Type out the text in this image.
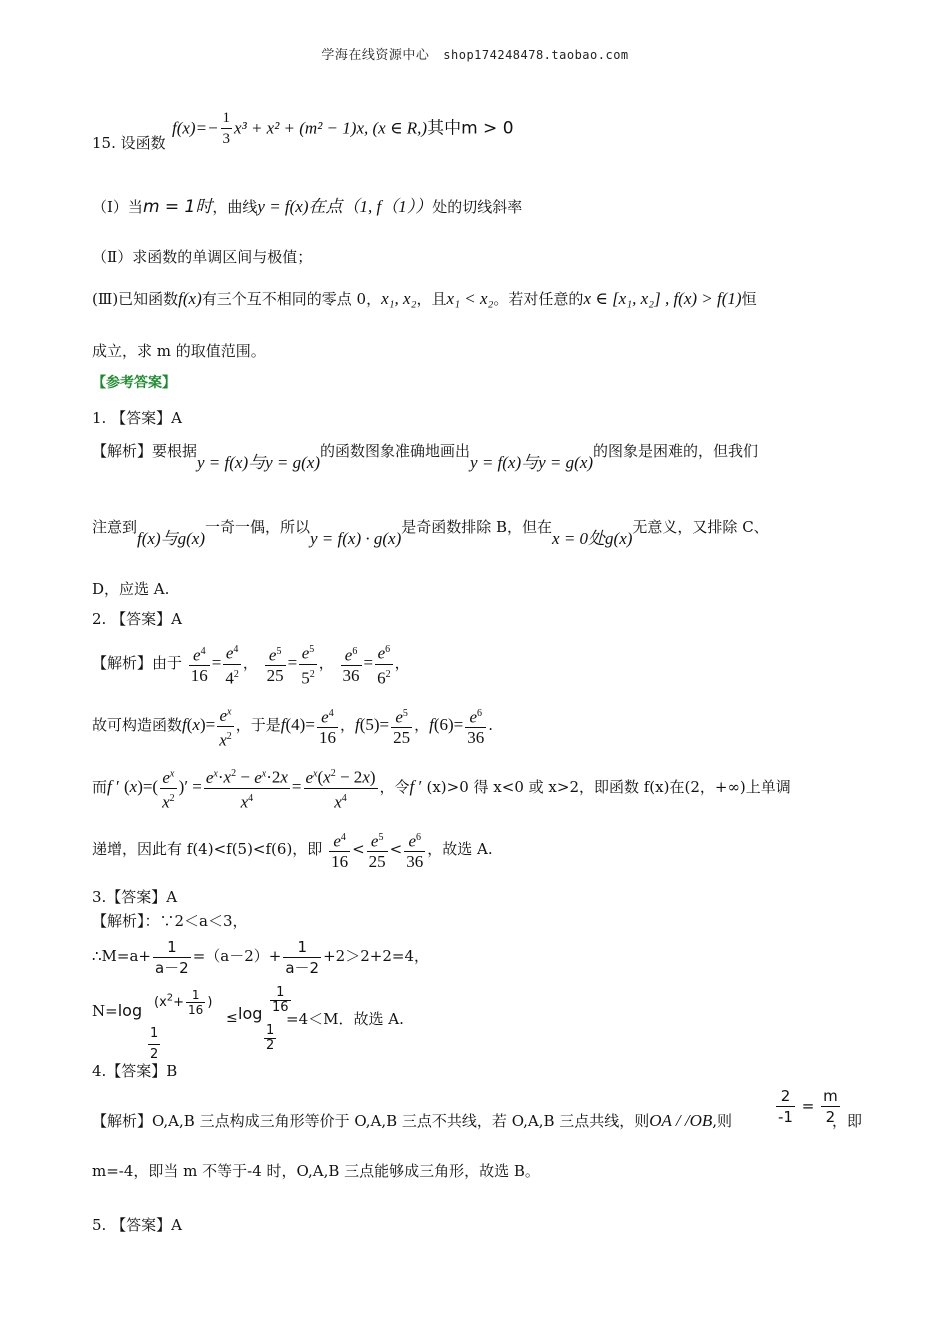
学海在线资源中心 shop174248478.taobao.com
15. 设函数
$f(x)=- \frac{1}{3} x^3 + x^2 + (m^2 - 1)x$, (x ∈ R,)其中m > 0
（Ⅰ）当m = 1时，曲线y = f(x)在点（1, f（1））处的切线斜率
（Ⅱ）求函数的单调区间与极值；
(Ⅲ)已知函数f(x)有三个互不相同的零点 0，x₁, x₂，且x₁ < x₂。若对任意的x ∈ [x₁, x₂] , f(x) > f(1)恒
成立，求 m 的取值范围。
【参考答案】
1. 【答案】A
【解析】要根据y = f(x)与y = g(x)的函数图象准确地画出y = f(x)与y = g(x)的图象是困难的，但我们
注意到f(x)与g(x)一奇一偶，所以y = f(x) · g(x)是奇函数排除 B，但在x = 0处g(x)无意义，又排除 C、
D，应选 A.
2. 【答案】A
【解析】由于 $\frac{e^4}{16} = \frac{e^4}{4^2}$ ， $\frac{e^5}{25} = \frac{e^5}{5^2}$ ， $\frac{e^6}{36} = \frac{e^6}{6^2}$ ，
故可构造函数$f(x)= \frac{e^x}{x^2}$ ，于是$f(4)= \frac{e^4}{16}$ ，$f(5)= \frac{e^5}{25}$ ，$f(6)= \frac{e^6}{36}$ .
而f ′ $(x)=( \frac{e^x}{x^2}$ )′ = $\frac{e^x\cdot x^2 - e^x\cdot 2x}{x^4} = \frac{e^x(x^2 - 2x)}{x^4}$ ，令f ′ (x)>0 得 x<0 或 x>2，即函数 f(x)在(2，+∞)上单调
递增，因此有 f(4)<f(5)<f(6)，即 $\frac{e^4}{16} < \frac{e^5}{25} < \frac{e^6}{36}$ ，故选 A.
3.【答案】A
【解析】：∵2＜a＜3，
∴M=a+ $\frac{1}{a-2} =(a-2)+ \frac{1}{a-2} +2>2+2=4$，
N=log
$\frac{1}{2}$
($x^2+ \frac{1}{16}$ )
≤ $\log \frac{1}{16}$
$\frac{1}{2}$
=4＜M．故选 A.
4.【答案】B
【解析】O,A,B 三点构成三角形等价于 O,A,B 三点不共线，若 O,A,B 三点共线，则OA / /OB,则	$\frac{2}{-1} = \frac{m}{2}$
，即
m=-4，即当 m 不等于-4 时，O,A,B 三点能够成三角形，故选 B。
5. 【答案】A
